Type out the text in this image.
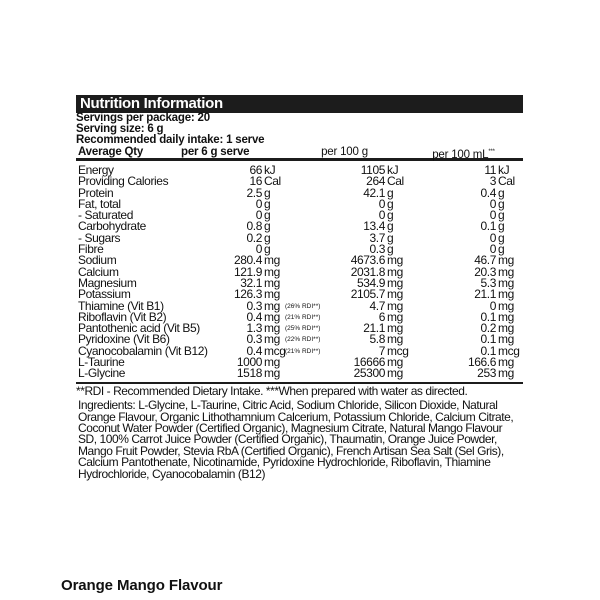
Nutrition Information
Servings per package: 20
Serving size: 6 g
Recommended daily intake: 1 serve
Average Qty	per 6 g serve	per 100 g	per 100 mL***
Energy	66 kJ	1105 kJ	11 kJ
Providing Calories	16 Cal	264 Cal	3 Cal
Protein	2.5 g	42.1 g	0.4 g
Fat, total	0 g	0 g	0 g
- Saturated	0 g	0 g	0 g
Carbohydrate	0.8 g	13.4 g	0.1 g
- Sugars	0.2 g	3.7 g	0 g
Fibre	0 g	0.3 g	0 g
Sodium	280.4 mg	4673.6 mg	46.7 mg
Calcium	121.9 mg	2031.8 mg	20.3 mg
Magnesium	32.1 mg	534.9 mg	5.3 mg
Potassium	126.3 mg	2105.7 mg	21.1 mg
Thiamine (Vit B1)	0.3 mg (26% RDI**)	4.7 mg	0 mg
Riboflavin (Vit B2)	0.4 mg (21% RDI**)	6 mg	0.1 mg
Pantothenic acid (Vit B5)	1.3 mg (25% RDI**)	21.1 mg	0.2 mg
Pyridoxine (Vit B6)	0.3 mg (22% RDI**)	5.8 mg	0.1 mg
Cyanocobalamin (Vit B12)	0.4 mcg (21% RDI**)	7 mcg	0.1 mcg
L-Taurine	1000 mg	16666 mg	166.6 mg
L-Glycine	1518 mg	25300 mg	253 mg
**RDI - Recommended Dietary Intake. ***When prepared with water as directed.
Ingredients: L-Glycine, L-Taurine, Citric Acid, Sodium Chloride, Silicon Dioxide, Natural Orange Flavour, Organic Lithothamnium Calcerium, Potassium Chloride, Calcium Citrate, Coconut Water Powder (Certified Organic), Magnesium Citrate, Natural Mango Flavour SD, 100% Carrot Juice Powder (Certified Organic), Thaumatin, Orange Juice Powder, Mango Fruit Powder, Stevia RbA (Certified Organic), French Artisan Sea Salt (Sel Gris), Calcium Pantothenate, Nicotinamide, Pyridoxine Hydrochloride, Riboflavin, Thiamine Hydrochloride, Cyanocobalamin (B12)
Orange Mango Flavour
